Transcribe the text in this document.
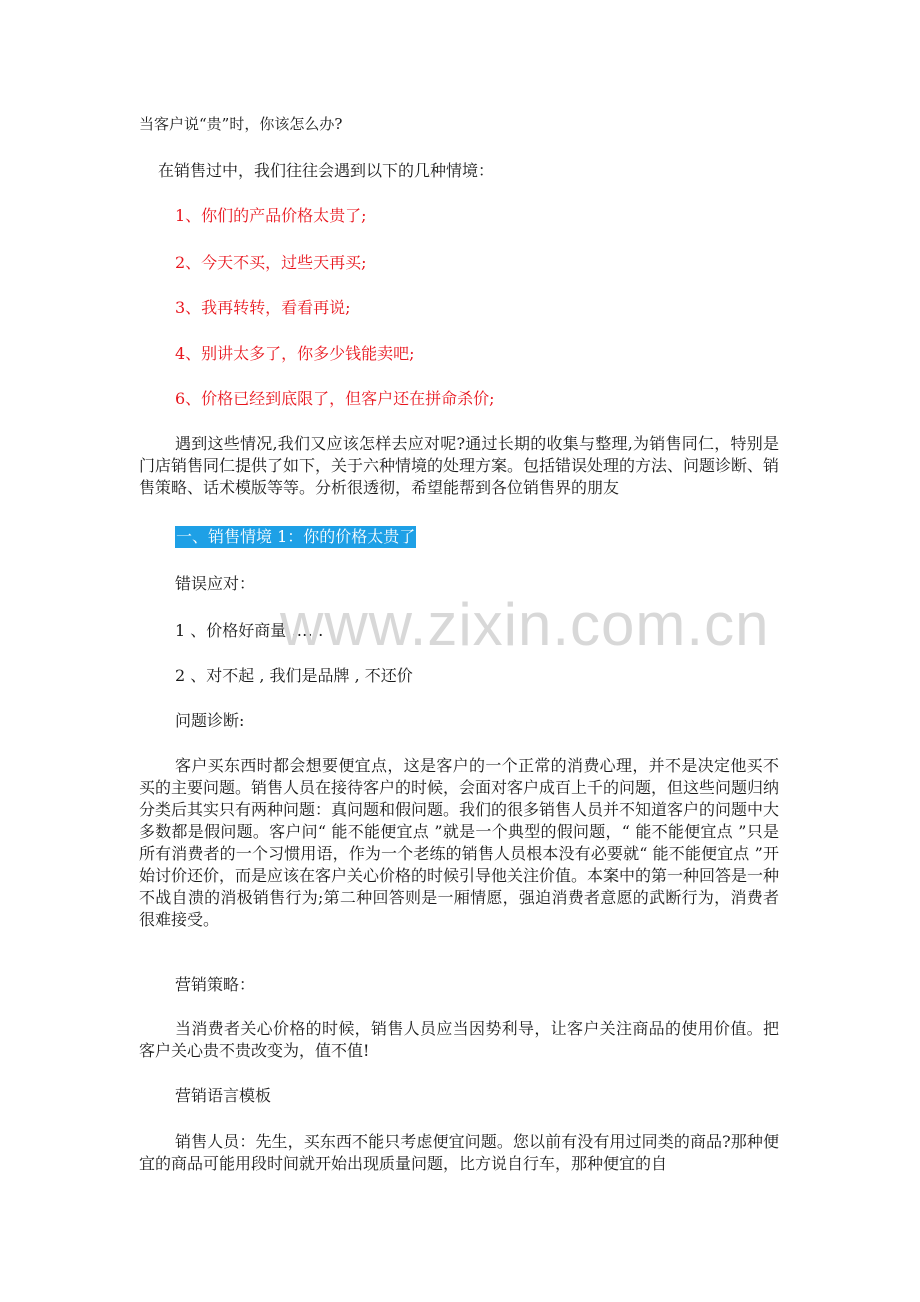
当客户说“贵”时，你该怎么办?
在销售过中，我们往往会遇到以下的几种情境：
1、你们的产品价格太贵了;
2、今天不买，过些天再买;
3、我再转转，看看再说;
4、别讲太多了，你多少钱能卖吧;
6、价格已经到底限了，但客户还在拼命杀价;
遇到这些情况,我们又应该怎样去应对呢?通过长期的收集与整理,为销售同仁，特别是门店销售同仁提供了如下，关于六种情境的处理方案。包括错误处理的方法、问题诊断、销售策略、话术模版等等。分析很透彻，希望能帮到各位销售界的朋友
一、销售情境 1：你的价格太贵了
错误应对：
1 、价格好商量 ……
2 、对不起 , 我们是品牌 , 不还价
问题诊断:
客户买东西时都会想要便宜点，这是客户的一个正常的消费心理，并不是决定他买不买的主要问题。销售人员在接待客户的时候，会面对客户成百上千的问题，但这些问题归纳分类后其实只有两种问题：真问题和假问题。我们的很多销售人员并不知道客户的问题中大多数都是假问题。客户问“ 能不能便宜点 ”就是一个典型的假问题，“ 能不能便宜点 ”只是所有消费者的一个习惯用语，作为一个老练的销售人员根本没有必要就“ 能不能便宜点 ”开始讨价还价，而是应该在客户关心价格的时候引导他关注价值。本案中的第一种回答是一种不战自溃的消极销售行为;第二种回答则是一厢情愿，强迫消费者意愿的武断行为，消费者很难接受。
营销策略：
当消费者关心价格的时候，销售人员应当因势利导，让客户关注商品的使用价值。把客户关心贵不贵改变为，值不值!
营销语言模板
销售人员：先生，买东西不能只考虑便宜问题。您以前有没有用过同类的商品?那种便宜的商品可能用段时间就开始出现质量问题，比方说自行车，那种便宜的自
www.zixin.com.cn
